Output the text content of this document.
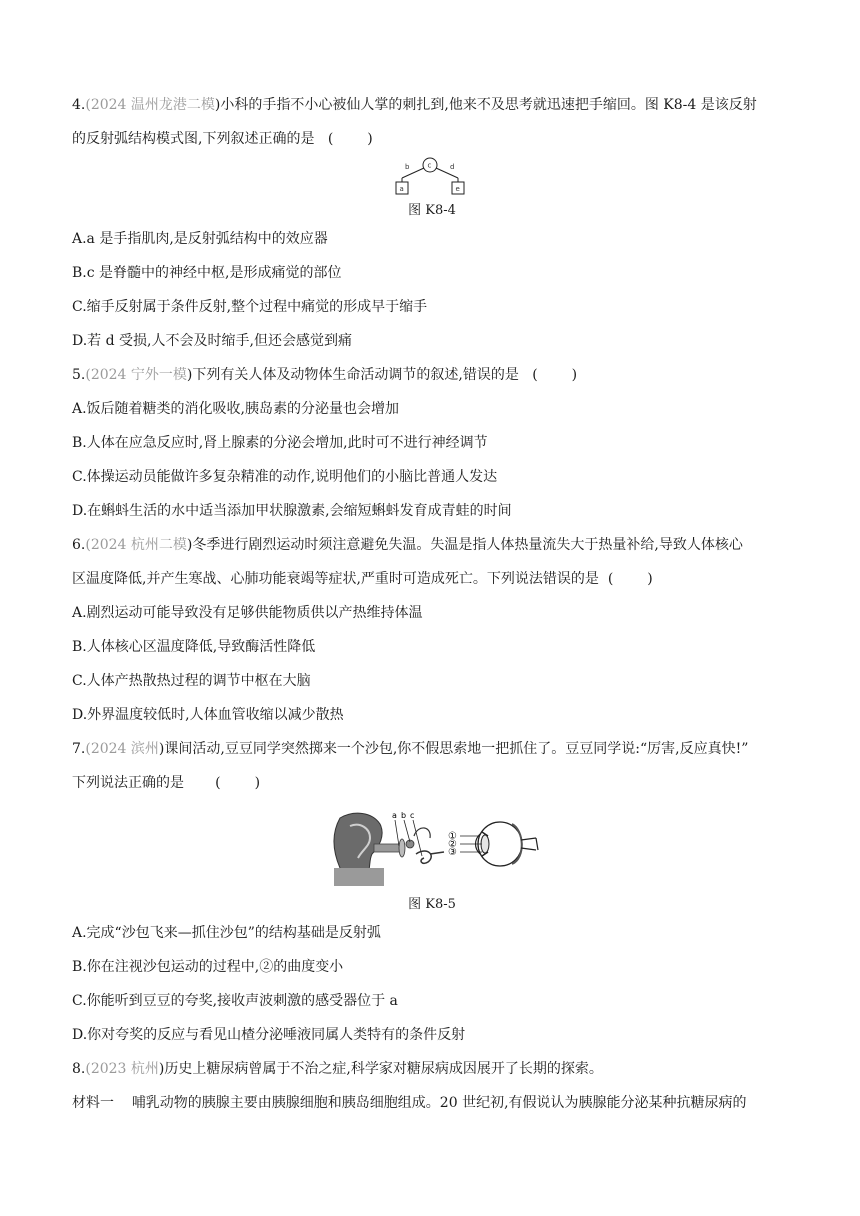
4.(2024 温州龙港二模)小科的手指不小心被仙人掌的刺扎到,他来不及思考就迅速把手缩回。图 K8-4 是该反射
的反射弧结构模式图,下列叙述正确的是 ( )
c
b	d
a	e
图 K8-4
A.a 是手指肌肉,是反射弧结构中的效应器
B.c 是脊髓中的神经中枢,是形成痛觉的部位
C.缩手反射属于条件反射,整个过程中痛觉的形成早于缩手
D.若 d 受损,人不会及时缩手,但还会感觉到痛
5.(2024 宁外一模)下列有关人体及动物体生命活动调节的叙述,错误的是 ( )
A.饭后随着糖类的消化吸收,胰岛素的分泌量也会增加
B.人体在应急反应时,肾上腺素的分泌会增加,此时可不进行神经调节
C.体操运动员能做许多复杂精准的动作,说明他们的小脑比普通人发达
D.在蝌蚪生活的水中适当添加甲状腺激素,会缩短蝌蚪发育成青蛙的时间
6.(2024 杭州二模)冬季进行剧烈运动时须注意避免失温。失温是指人体热量流失大于热量补给,导致人体核心
区温度降低,并产生寒战、心肺功能衰竭等症状,严重时可造成死亡。下列说法错误的是 ( )
A.剧烈运动可能导致没有足够供能物质供以产热维持体温
B.人体核心区温度降低,导致酶活性降低
C.人体产热散热过程的调节中枢在大脑
D.外界温度较低时,人体血管收缩以减少散热
7.(2024 滨州)课间活动,豆豆同学突然掷来一个沙包,你不假思索地一把抓住了。豆豆同学说:“厉害,反应真快!”
下列说法正确的是 ( )
a b c
①
②
③
图 K8-5
A.完成“沙包飞来—抓住沙包”的结构基础是反射弧
B.你在注视沙包运动的过程中,②的曲度变小
C.你能听到豆豆的夸奖,接收声波刺激的感受器位于 a
D.你对夸奖的反应与看见山楂分泌唾液同属人类特有的条件反射
8.(2023 杭州)历史上糖尿病曾属于不治之症,科学家对糖尿病成因展开了长期的探索。
材料一 哺乳动物的胰腺主要由胰腺细胞和胰岛细胞组成。20 世纪初,有假说认为胰腺能分泌某种抗糖尿病的
